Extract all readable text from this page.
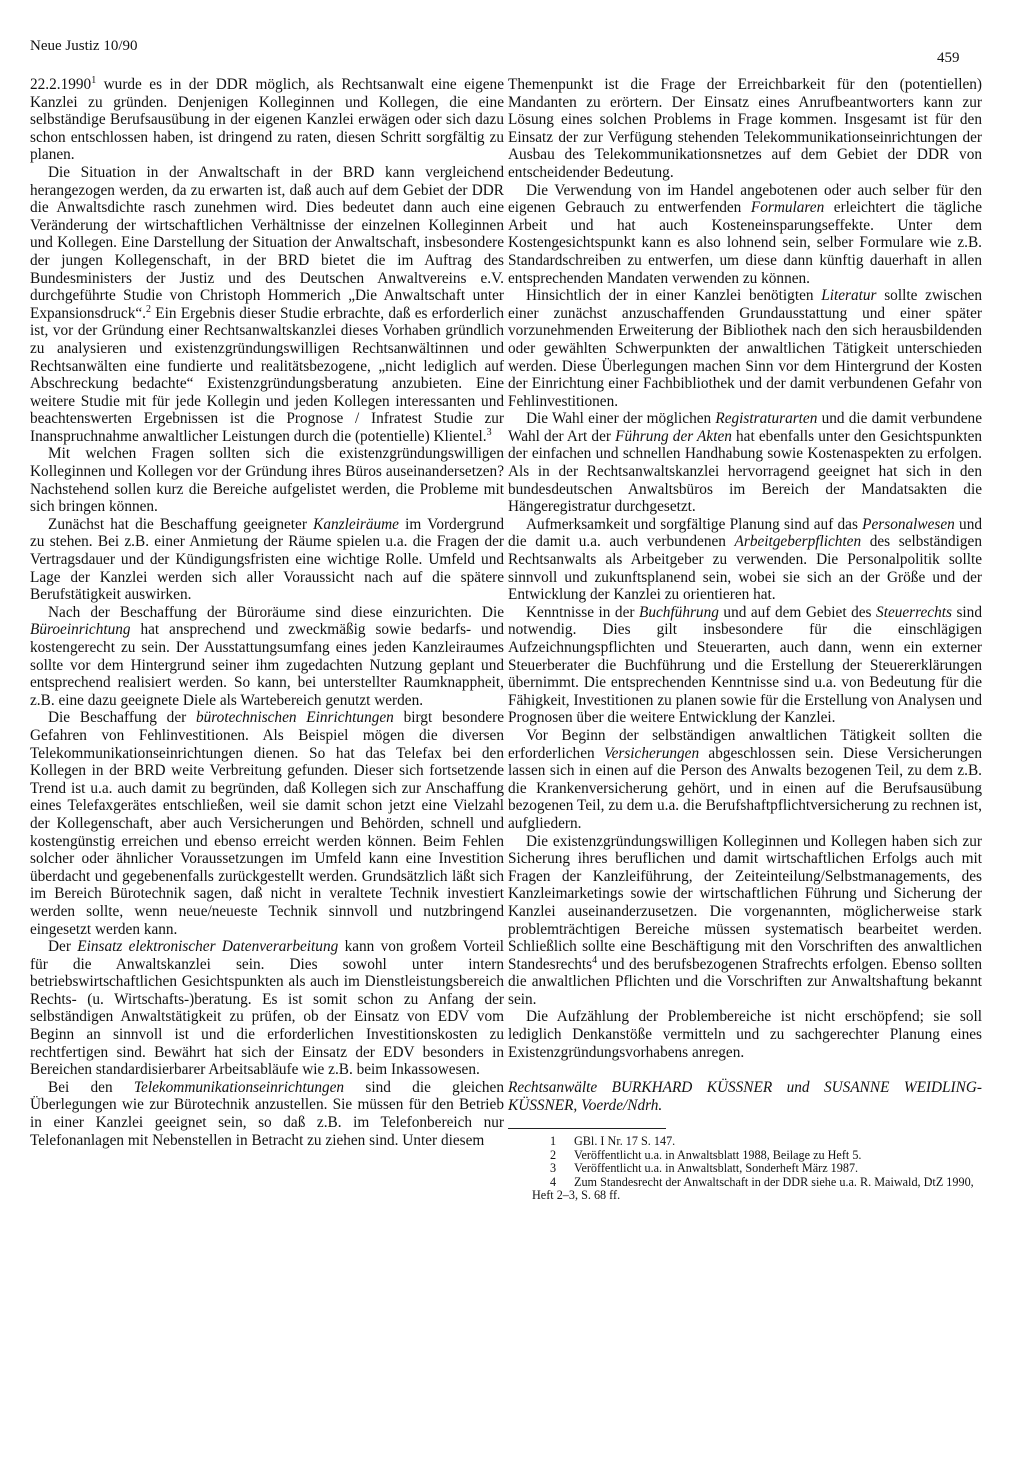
Neue Justiz 10/90
459

22.2.1990$^1$ wurde es in der DDR möglich, als Rechtsanwalt eine eigene Kanzlei zu gründen. Denjenigen Kolleginnen und Kollegen, die eine selbständige Berufsausübung in der eigenen Kanzlei erwägen oder sich dazu schon entschlossen haben, ist dringend zu raten, diesen Schritt sorgfältig zu planen.

Die Situation in der Anwaltschaft in der BRD kann vergleichend herangezogen werden, da zu erwarten ist, daß auch auf dem Gebiet der DDR die Anwaltsdichte rasch zunehmen wird. Dies bedeutet dann auch eine Veränderung der wirtschaftlichen Verhältnisse der einzelnen Kolleginnen und Kollegen. Eine Darstellung der Situation der Anwaltschaft, insbesondere der jungen Kollegenschaft, in der BRD bietet die im Auftrag des Bundesministers der Justiz und des Deutschen Anwaltvereins e.V. durchgeführte Studie von Christoph Hommerich „Die Anwaltschaft unter Expansionsdruck“.$^2$ Ein Ergebnis dieser Studie erbrachte, daß es erforderlich ist, vor der Gründung einer Rechtsanwaltskanzlei dieses Vorhaben gründlich zu analysieren und existenzgründungswilligen Rechtsanwältinnen und Rechtsanwälten eine fundierte und realitätsbezogene, „nicht lediglich auf Abschreckung bedachte“ Existenzgründungsberatung anzubieten. Eine weitere Studie mit für jede Kollegin und jeden Kollegen interessanten und beachtenswerten Ergebnissen ist die Prognose / Infratest Studie zur Inanspruchnahme anwaltlicher Leistungen durch die (potentielle) Klientel.$^3$

Mit welchen Fragen sollten sich die existenzgründungswilligen Kolleginnen und Kollegen vor der Gründung ihres Büros auseinandersetzen? Nachstehend sollen kurz die Bereiche aufgelistet werden, die Probleme mit sich bringen können.

Zunächst hat die Beschaffung geeigneter Kanzleiräume im Vordergrund zu stehen. Bei z.B. einer Anmietung der Räume spielen u.a. die Fragen der Vertragsdauer und der Kündigungsfristen eine wichtige Rolle. Umfeld und Lage der Kanzlei werden sich aller Voraussicht nach auf die spätere Berufstätigkeit auswirken.

Nach der Beschaffung der Büroräume sind diese einzurichten. Die Büroeinrichtung hat ansprechend und zweckmäßig sowie bedarfs- und kostengerecht zu sein. Der Ausstattungsumfang eines jeden Kanzleiraumes sollte vor dem Hintergrund seiner ihm zugedachten Nutzung geplant und entsprechend realisiert werden. So kann, bei unterstellter Raumknappheit, z.B. eine dazu geeignete Diele als Wartebereich genutzt werden.

Die Beschaffung der bürotechnischen Einrichtungen birgt besondere Gefahren von Fehlinvestitionen. Als Beispiel mögen die diversen Telekommunikationseinrichtungen dienen. So hat das Telefax bei den Kollegen in der BRD weite Verbreitung gefunden. Dieser sich fortsetzende Trend ist u.a. auch damit zu begründen, daß Kollegen sich zur Anschaffung eines Telefaxgerätes entschließen, weil sie damit schon jetzt eine Vielzahl der Kollegenschaft, aber auch Versicherungen und Behörden, schnell und kostengünstig erreichen und ebenso erreicht werden können. Beim Fehlen solcher oder ähnlicher Voraussetzungen im Umfeld kann eine Investition überdacht und gegebenenfalls zurückgestellt werden. Grundsätzlich läßt sich im Bereich Bürotechnik sagen, daß nicht in veraltete Technik investiert werden sollte, wenn neue/neueste Technik sinnvoll und nutzbringend eingesetzt werden kann.

Der Einsatz elektronischer Datenverarbeitung kann von großem Vorteil für die Anwaltskanzlei sein. Dies sowohl unter intern betriebswirtschaftlichen Gesichtspunkten als auch im Dienstleistungsbereich Rechts- (u. Wirtschafts-)beratung. Es ist somit schon zu Anfang der selbständigen Anwaltstätigkeit zu prüfen, ob der Einsatz von EDV vom Beginn an sinnvoll ist und die erforderlichen Investitionskosten zu rechtfertigen sind. Bewährt hat sich der Einsatz der EDV besonders in Bereichen standardisierbarer Arbeitsabläufe wie z.B. beim Inkassowesen.

Bei den Telekommunikationseinrichtungen sind die gleichen Überlegungen wie zur Bürotechnik anzustellen. Sie müssen für den Betrieb in einer Kanzlei geeignet sein, so daß z.B. im Telefonbereich nur Telefonanlagen mit Nebenstellen in Betracht zu ziehen sind. Unter diesem

Themenpunkt ist die Frage der Erreichbarkeit für den (potentiellen) Mandanten zu erörtern. Der Einsatz eines Anrufbeantworters kann zur Lösung eines solchen Problems in Frage kommen. Insgesamt ist für den Einsatz der zur Verfügung stehenden Telekommunikationseinrichtungen der Ausbau des Telekommunikationsnetzes auf dem Gebiet der DDR von entscheidender Bedeutung.

Die Verwendung von im Handel angebotenen oder auch selber für den eigenen Gebrauch zu entwerfenden Formularen erleichtert die tägliche Arbeit und hat auch Kosteneinsparungseffekte. Unter dem Kostengesichtspunkt kann es also lohnend sein, selber Formulare wie z.B. Standardschreiben zu entwerfen, um diese dann künftig dauerhaft in allen entsprechenden Mandaten verwenden zu können.

Hinsichtlich der in einer Kanzlei benötigten Literatur sollte zwischen einer zunächst anzuschaffenden Grundausstattung und einer später vorzunehmenden Erweiterung der Bibliothek nach den sich herausbildenden oder gewählten Schwerpunkten der anwaltlichen Tätigkeit unterschieden werden. Diese Überlegungen machen Sinn vor dem Hintergrund der Kosten der Einrichtung einer Fachbibliothek und der damit verbundenen Gefahr von Fehlinvestitionen.

Die Wahl einer der möglichen Registraturarten und die damit verbundene Wahl der Art der Führung der Akten hat ebenfalls unter den Gesichtspunkten der einfachen und schnellen Handhabung sowie Kostenaspekten zu erfolgen. Als in der Rechtsanwaltskanzlei hervorragend geeignet hat sich in den bundesdeutschen Anwaltsbüros im Bereich der Mandatsakten die Hängeregistratur durchgesetzt.

Aufmerksamkeit und sorgfältige Planung sind auf das Personalwesen und die damit u.a. auch verbundenen Arbeitgeberpflichten des selbständigen Rechtsanwalts als Arbeitgeber zu verwenden. Die Personalpolitik sollte sinnvoll und zukunftsplanend sein, wobei sie sich an der Größe und der Entwicklung der Kanzlei zu orientieren hat.

Kenntnisse in der Buchführung und auf dem Gebiet des Steuerrechts sind notwendig. Dies gilt insbesondere für die einschlägigen Aufzeichnungspflichten und Steuerarten, auch dann, wenn ein externer Steuerberater die Buchführung und die Erstellung der Steuererklärungen übernimmt. Die entsprechenden Kenntnisse sind u.a. von Bedeutung für die Fähigkeit, Investitionen zu planen sowie für die Erstellung von Analysen und Prognosen über die weitere Entwicklung der Kanzlei.

Vor Beginn der selbständigen anwaltlichen Tätigkeit sollten die erforderlichen Versicherungen abgeschlossen sein. Diese Versicherungen lassen sich in einen auf die Person des Anwalts bezogenen Teil, zu dem z.B. die Krankenversicherung gehört, und in einen auf die Berufsausübung bezogenen Teil, zu dem u.a. die Berufshaftpflichtversicherung zu rechnen ist, aufgliedern.

Die existenzgründungswilligen Kolleginnen und Kollegen haben sich zur Sicherung ihres beruflichen und damit wirtschaftlichen Erfolgs auch mit Fragen der Kanzleiführung, der Zeiteinteilung/Selbstmanagements, des Kanzleimarketings sowie der wirtschaftlichen Führung und Sicherung der Kanzlei auseinanderzusetzen. Die vorgenannten, möglicherweise stark problemträchtigen Bereiche müssen systematisch bearbeitet werden. Schließlich sollte eine Beschäftigung mit den Vorschriften des anwaltlichen Standesrechts$^4$ und des berufsbezogenen Strafrechts erfolgen. Ebenso sollten die anwaltlichen Pflichten und die Vorschriften zur Anwaltshaftung bekannt sein.

Die Aufzählung der Problembereiche ist nicht erschöpfend; sie soll lediglich Denkanstöße vermitteln und zu sachgerechter Planung eines Existenzgründungsvorhabens anregen.

Rechtsanwälte BURKHARD KÜSSNER und SUSANNE WEIDLING-KÜSSNER, Voerde/Ndrh.

1 GBl. I Nr. 17 S. 147.

2 Veröffentlicht u.a. in Anwaltsblatt 1988, Beilage zu Heft 5.

3 Veröffentlicht u.a. in Anwaltsblatt, Sonderheft März 1987.

4 Zum Standesrecht der Anwaltschaft in der DDR siehe u.a. R. Maiwald, DtZ 1990, Heft 2–3, S. 68 ff.
